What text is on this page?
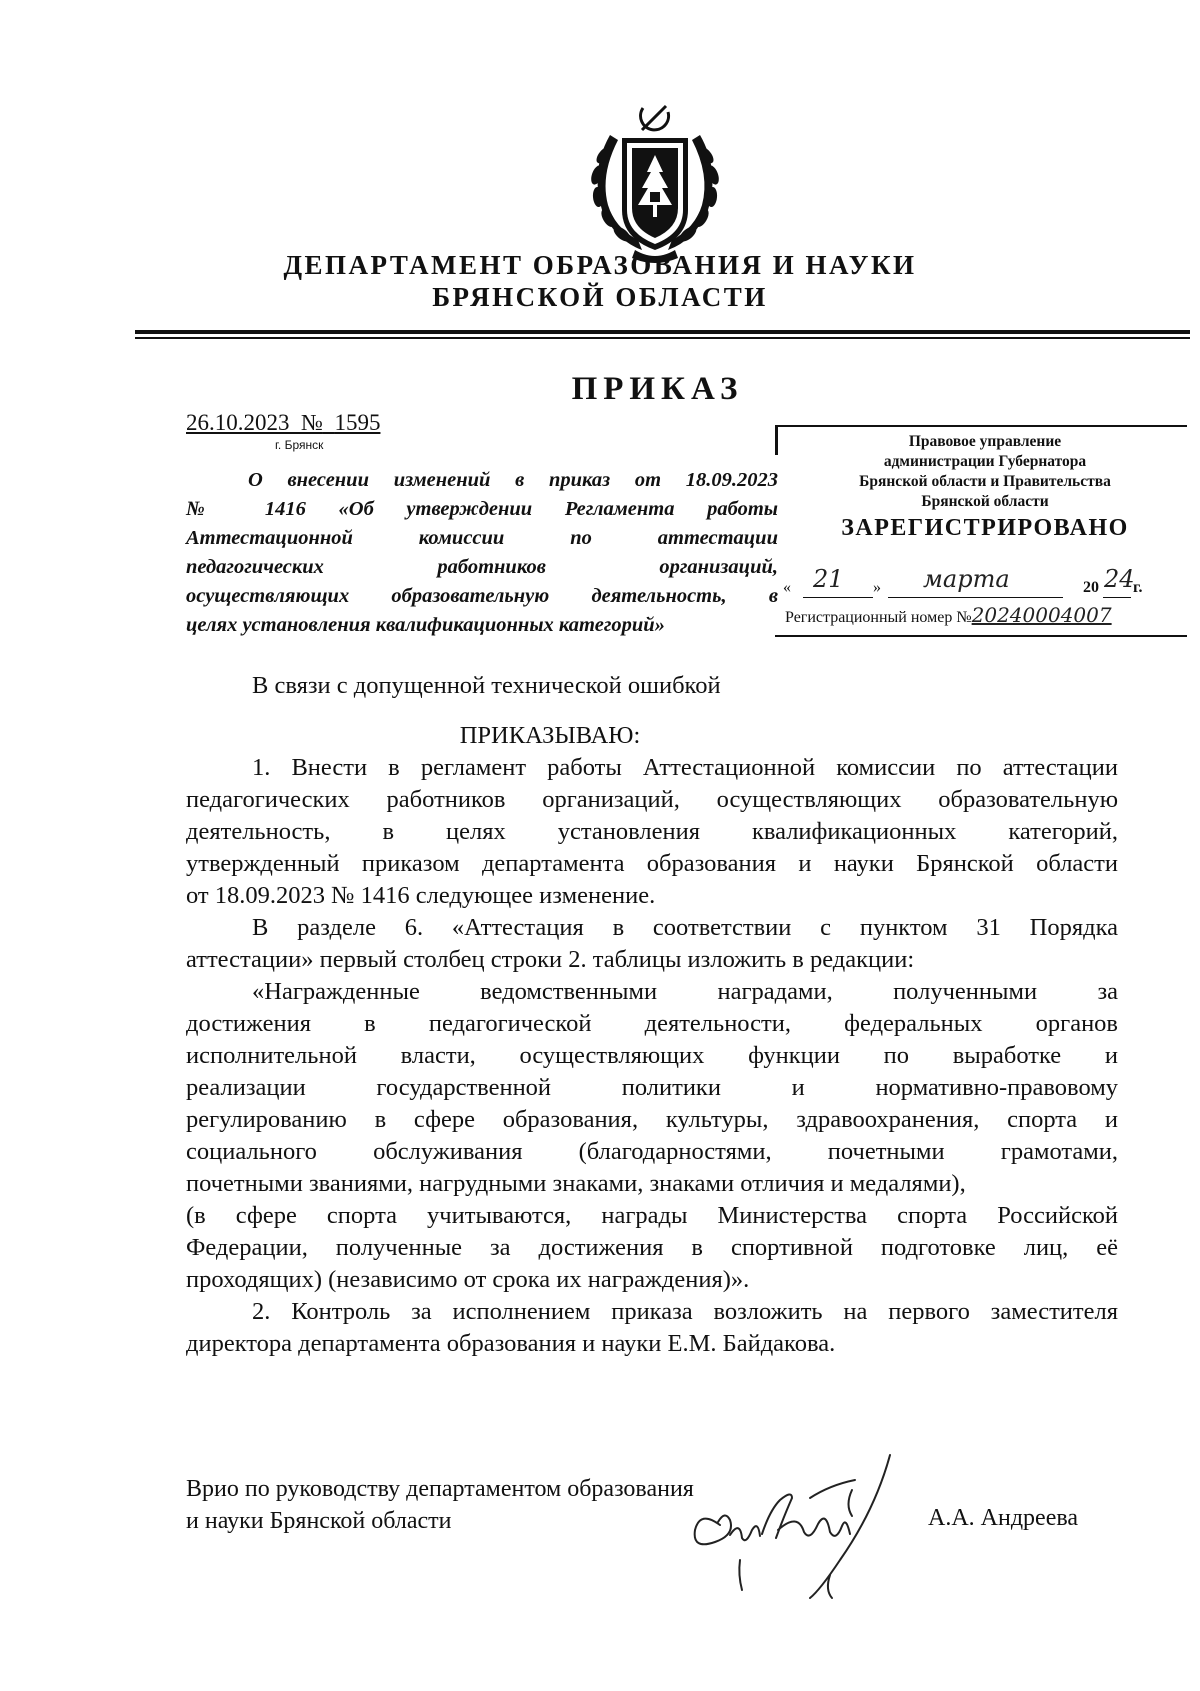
ДЕПАРТАМЕНТ ОБРАЗОВАНИЯ И НАУКИ
БРЯНСКОЙ ОБЛАСТИ
ПРИКАЗ
26.10.2023 № 1595
г. Брянск
О внесении изменений в приказ от 18.09.2023
№ 1416 «Об утверждении Регламента работы
Аттестационной комиссии по аттестации
педагогических работников организаций,
осуществляющих образовательную деятельность, в
целях установления квалификационных категорий»
Правовое управление
администрации Губернатора
Брянской области и Правительства
Брянской области
ЗАРЕГИСТРИРОВАНО
« 21 » марта	20 24
г.
Регистрационный номер №20240004007
В связи с допущенной технической ошибкой
ПРИКАЗЫВАЮ:
1. Внести в регламент работы Аттестационной комиссии по аттестации
педагогических работников организаций, осуществляющих образовательную
деятельность, в целях установления квалификационных категорий,
утвержденный приказом департамента образования и науки Брянской области
от 18.09.2023 № 1416 следующее изменение.
В разделе 6. «Аттестация в соответствии с пунктом 31 Порядка
аттестации» первый столбец строки 2. таблицы изложить в редакции:
«Награжденные ведомственными наградами, полученными за
достижения в педагогической деятельности, федеральных органов
исполнительной власти, осуществляющих функции по выработке и
реализации государственной политики и нормативно-правовому
регулированию в сфере образования, культуры, здравоохранения, спорта и
социального обслуживания (благодарностями, почетными грамотами,
почетными званиями, нагрудными знаками, знаками отличия и медалями),
(в сфере спорта учитываются, награды Министерства спорта Российской
Федерации, полученные за достижения в спортивной подготовке лиц, её
проходящих) (независимо от срока их награждения)».
2. Контроль за исполнением приказа возложить на первого заместителя
директора департамента образования и науки Е.М. Байдакова.
Врио по руководству департаментом образования
и науки Брянской области	А.А. Андреева
